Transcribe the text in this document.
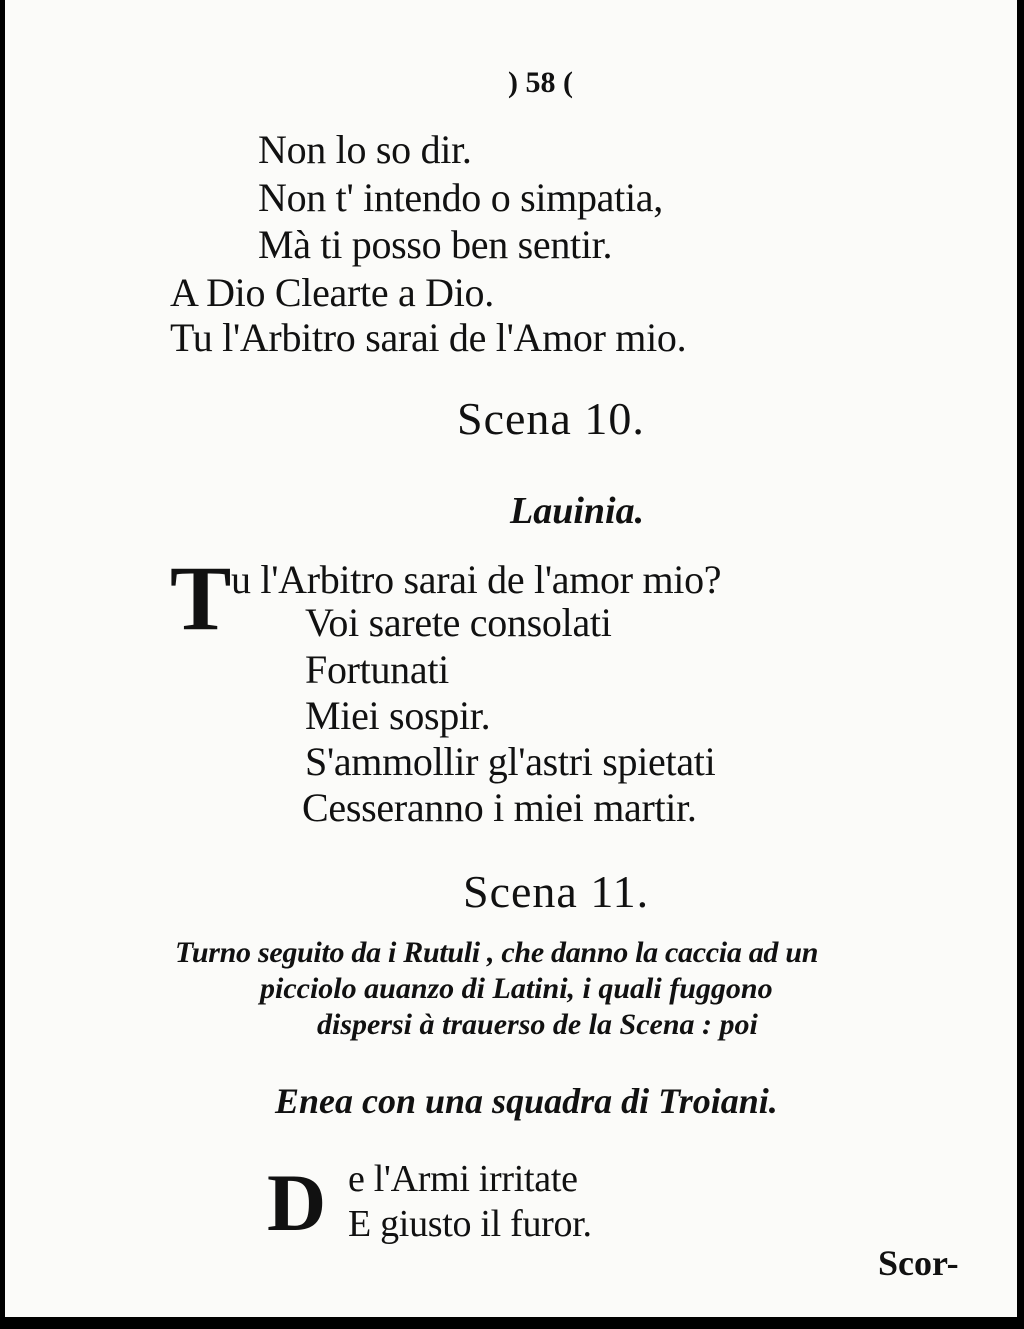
) 58 (
Non lo so dir.
Non t' intendo o simpatia,
Mà ti posso ben sentir.
A Dio Clearte a Dio.
Tu l'Arbitro sarai de l'Amor mio.
Scena 10.
Lauinia.
T u l'Arbitro sarai de l'amor mio?
Voi sarete consolati
Fortunati
Miei sospir.
S'ammollir gl'astri spietati
Cesseranno i miei martir.
Scena 11.
Turno seguito da i Rutuli , che danno la caccia ad un
picciolo auanzo di Latini, i quali fuggono
dispersi à trauerso de la Scena : poi
Enea con una squadra di Troiani.
D e l'Armi irritate
E giusto il furor.
Scor-
